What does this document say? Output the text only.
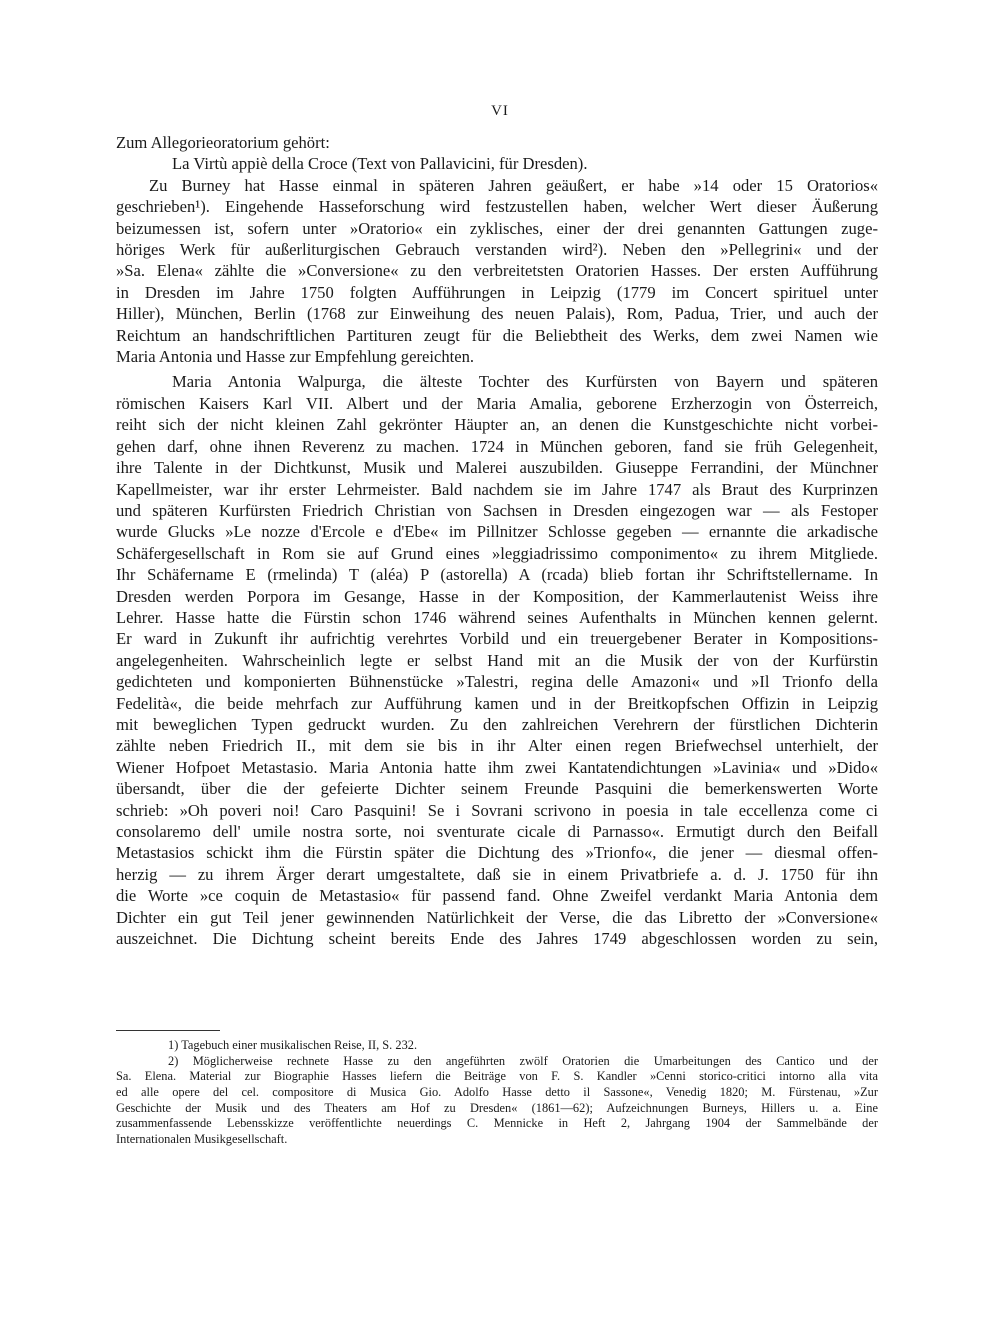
VI
Zum Allegorieoratorium gehört:
La Virtù appiè della Croce (Text von Pallavicini, für Dresden).
Zu Burney hat Hasse einmal in späteren Jahren geäußert, er habe »14 oder 15 Oratorios«
geschrieben¹). Eingehende Hasseforschung wird festzustellen haben, welcher Wert dieser Äußerung
beizumessen ist, sofern unter »Oratorio« ein zyklisches, einer der drei genannten Gattungen zuge-
höriges Werk für außerliturgischen Gebrauch verstanden wird²). Neben den »Pellegrini« und der
»Sa. Elena« zählte die »Conversione« zu den verbreitetsten Oratorien Hasses. Der ersten Aufführung
in Dresden im Jahre 1750 folgten Aufführungen in Leipzig (1779 im Concert spirituel unter
Hiller), München, Berlin (1768 zur Einweihung des neuen Palais), Rom, Padua, Trier, und auch der
Reichtum an handschriftlichen Partituren zeugt für die Beliebtheit des Werks, dem zwei Namen wie
Maria Antonia und Hasse zur Empfehlung gereichten.
Maria Antonia Walpurga, die älteste Tochter des Kurfürsten von Bayern und späteren
römischen Kaisers Karl VII. Albert und der Maria Amalia, geborene Erzherzogin von Österreich,
reiht sich der nicht kleinen Zahl gekrönter Häupter an, an denen die Kunstgeschichte nicht vorbei-
gehen darf, ohne ihnen Reverenz zu machen. 1724 in München geboren, fand sie früh Gelegenheit,
ihre Talente in der Dichtkunst, Musik und Malerei auszubilden. Giuseppe Ferrandini, der Münchner
Kapellmeister, war ihr erster Lehrmeister. Bald nachdem sie im Jahre 1747 als Braut des Kurprinzen
und späteren Kurfürsten Friedrich Christian von Sachsen in Dresden eingezogen war — als Festoper
wurde Glucks »Le nozze d'Ercole e d'Ebe« im Pillnitzer Schlosse gegeben — ernannte die arkadische
Schäfergesellschaft in Rom sie auf Grund eines »leggiadrissimo componimento« zu ihrem Mitgliede.
Ihr Schäfername E (rmelinda) T (aléa) P (astorella) A (rcada) blieb fortan ihr Schriftstellername. In
Dresden werden Porpora im Gesange, Hasse in der Komposition, der Kammerlautenist Weiss ihre
Lehrer. Hasse hatte die Fürstin schon 1746 während seines Aufenthalts in München kennen gelernt.
Er ward in Zukunft ihr aufrichtig verehrtes Vorbild und ein treuergebener Berater in Kompositions-
angelegenheiten. Wahrscheinlich legte er selbst Hand mit an die Musik der von der Kurfürstin
gedichteten und komponierten Bühnenstücke »Talestri, regina delle Amazoni« und »Il Trionfo della
Fedelità«, die beide mehrfach zur Aufführung kamen und in der Breitkopfschen Offizin in Leipzig
mit beweglichen Typen gedruckt wurden. Zu den zahlreichen Verehrern der fürstlichen Dichterin
zählte neben Friedrich II., mit dem sie bis in ihr Alter einen regen Briefwechsel unterhielt, der
Wiener Hofpoet Metastasio. Maria Antonia hatte ihm zwei Kantatendichtungen »Lavinia« und »Dido«
übersandt, über die der gefeierte Dichter seinem Freunde Pasquini die bemerkenswerten Worte
schrieb: »Oh poveri noi! Caro Pasquini! Se i Sovrani scrivono in poesia in tale eccellenza come ci
consolaremo dell' umile nostra sorte, noi sventurate cicale di Parnasso«. Ermutigt durch den Beifall
Metastasios schickt ihm die Fürstin später die Dichtung des »Trionfo«, die jener — diesmal offen-
herzig — zu ihrem Ärger derart umgestaltete, daß sie in einem Privatbriefe a. d. J. 1750 für ihn
die Worte »ce coquin de Metastasio« für passend fand. Ohne Zweifel verdankt Maria Antonia dem
Dichter ein gut Teil jener gewinnenden Natürlichkeit der Verse, die das Libretto der »Conversione«
auszeichnet. Die Dichtung scheint bereits Ende des Jahres 1749 abgeschlossen worden zu sein,
1) Tagebuch einer musikalischen Reise, II, S. 232.
2) Möglicherweise rechnete Hasse zu den angeführten zwölf Oratorien die Umarbeitungen des Cantico und der
Sa. Elena. Material zur Biographie Hasses liefern die Beiträge von F. S. Kandler »Cenni storico-critici intorno alla vita
ed alle opere del cel. compositore di Musica Gio. Adolfo Hasse detto il Sassone«, Venedig 1820; M. Fürstenau, »Zur
Geschichte der Musik und des Theaters am Hof zu Dresden« (1861—62); Aufzeichnungen Burneys, Hillers u. a. Eine
zusammenfassende Lebensskizze veröffentlichte neuerdings C. Mennicke in Heft 2, Jahrgang 1904 der Sammelbände der
Internationalen Musikgesellschaft.
